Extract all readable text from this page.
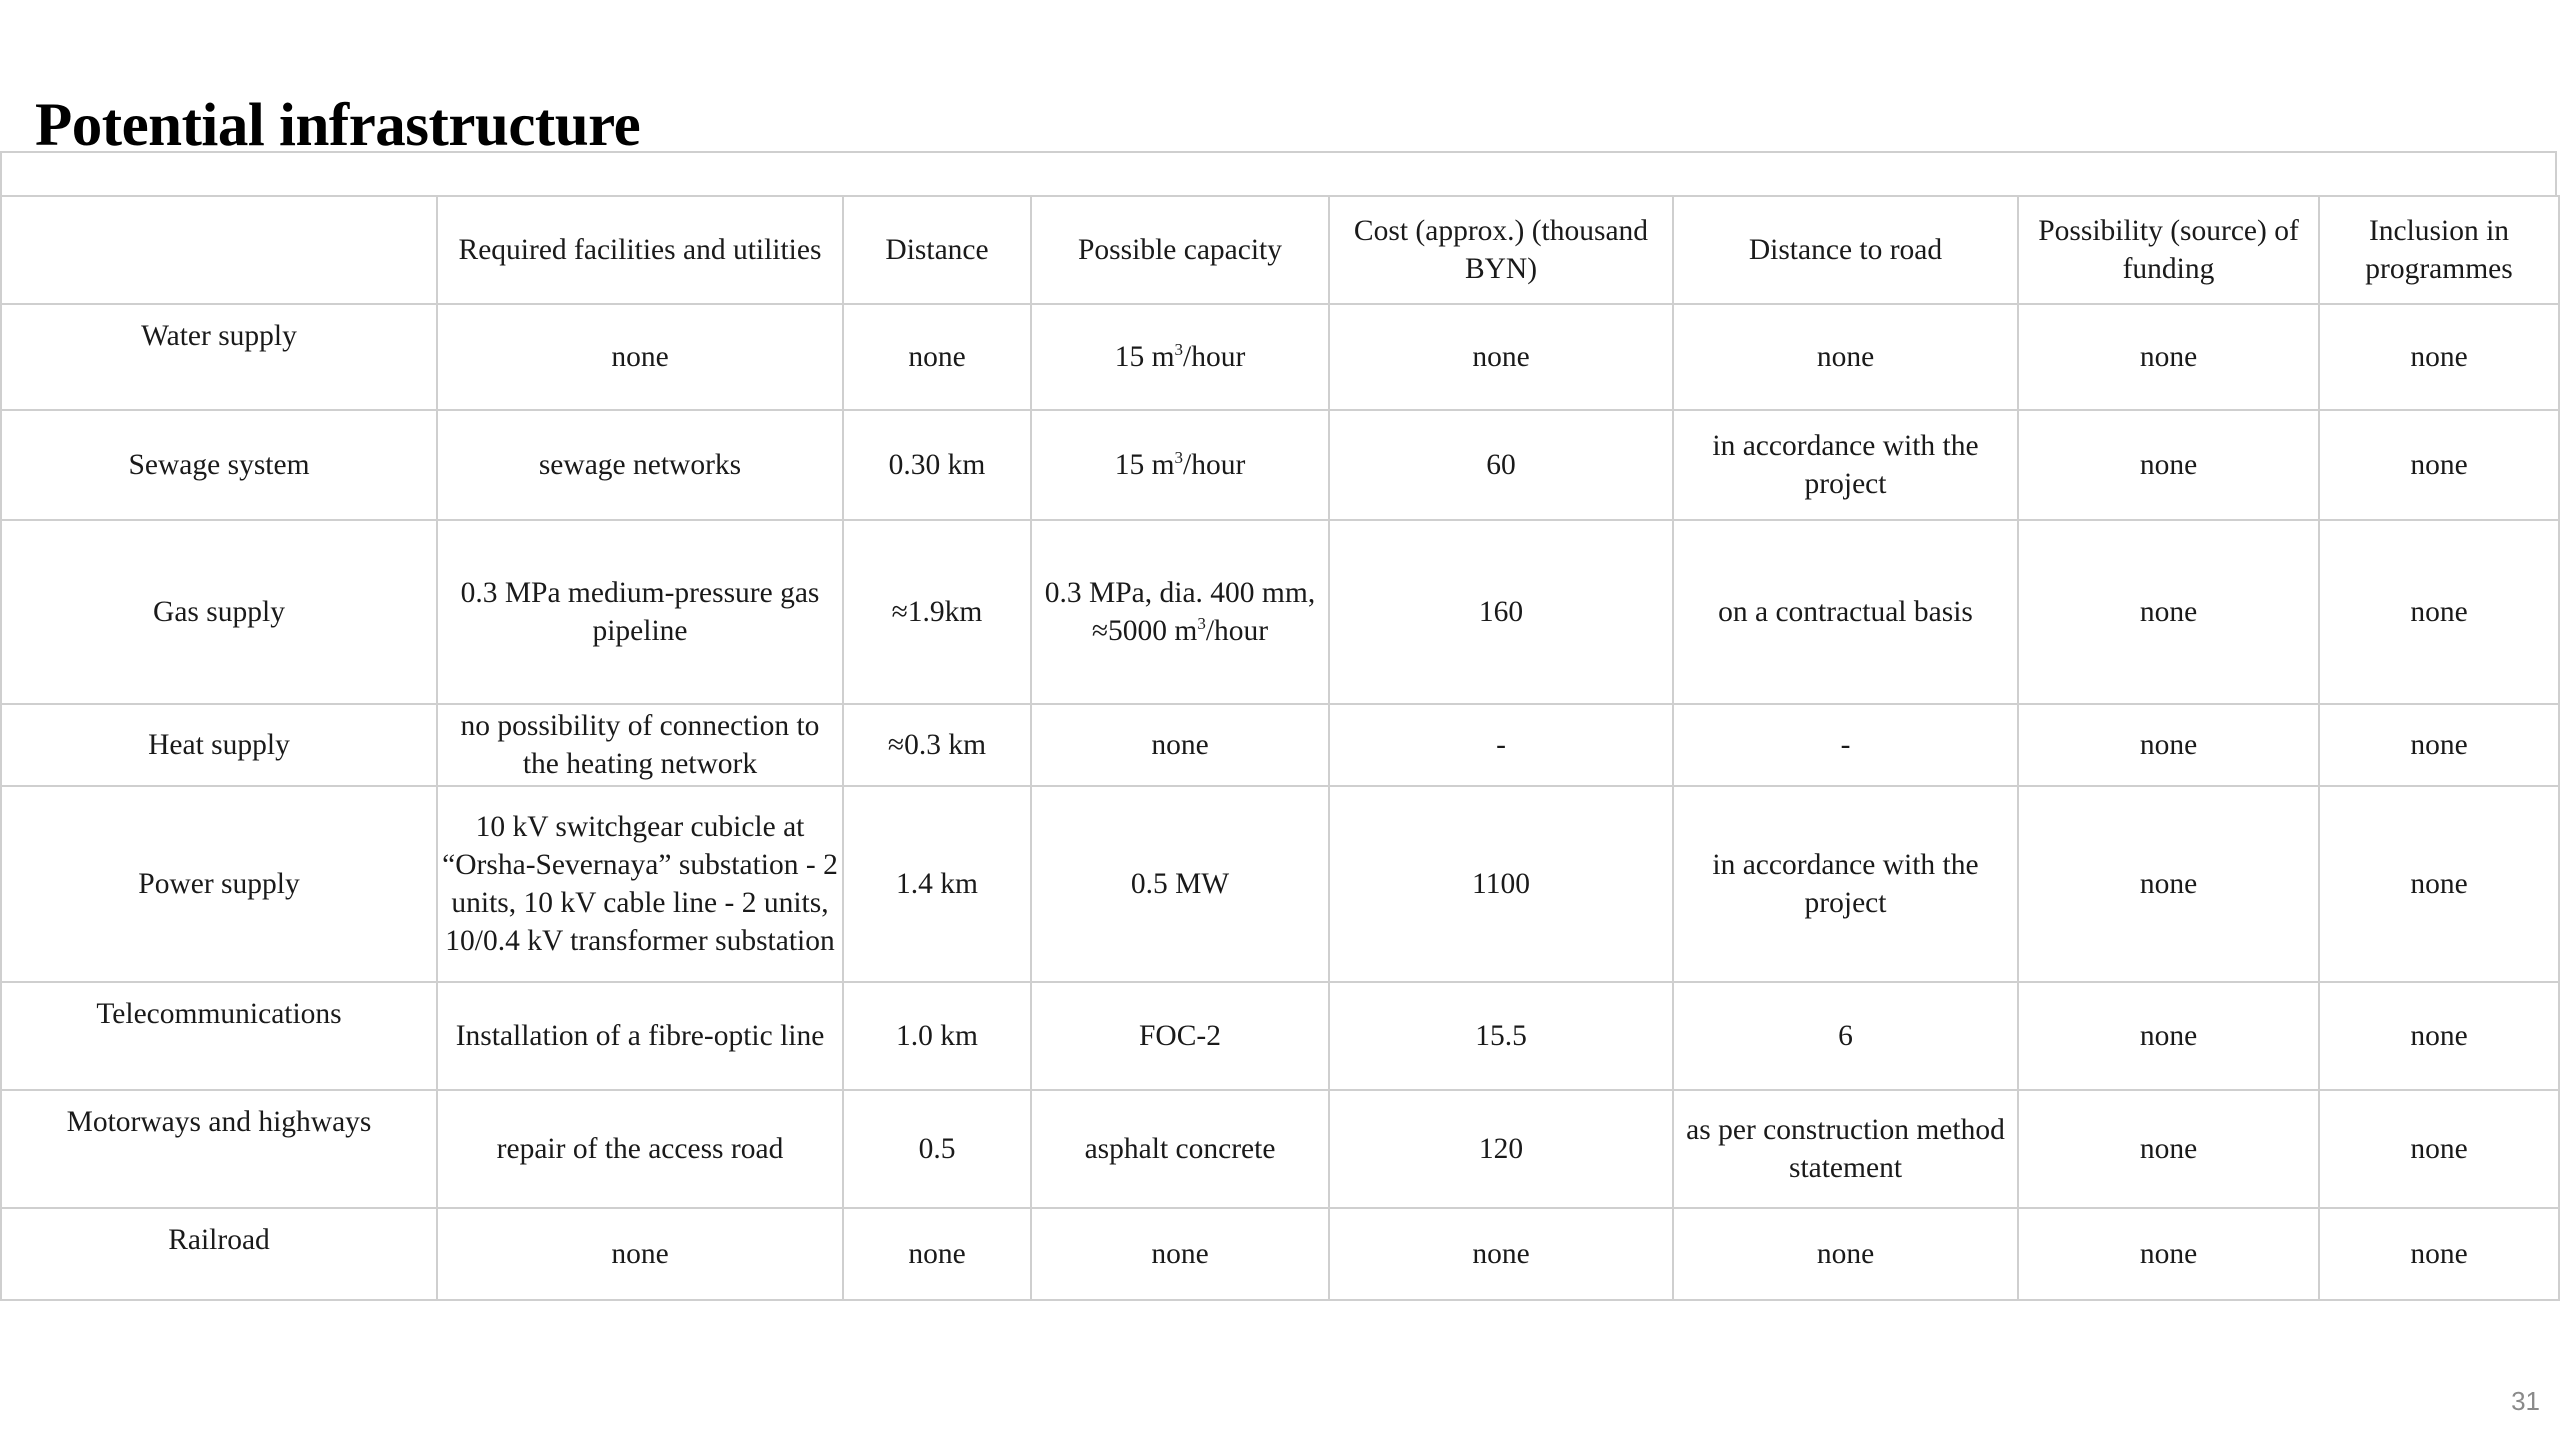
Potential infrastructure
	Required facilities and utilities	Distance	Possible capacity	Cost (approx.) (thousand BYN)	Distance to road	Possibility (source) of funding	Inclusion in programmes
Water supply	none	none	15 $m^3$/hour	none	none	none	none
Sewage system	sewage networks	0.30 km	15 $m^3$/hour	60	in accordance with the project	none	none
Gas supply	0.3 MPa medium-pressure gas pipeline	≈1.9km	0.3 MPa, dia. 400 mm, ≈5000 $m^3$/hour	160	on a contractual basis	none	none
Heat supply	no possibility of connection to the heating network	≈0.3 km	none	-	-	none	none
Power supply	10 kV switchgear cubicle at “Orsha-Severnaya” substation - 2 units, 10 kV cable line - 2 units, 10/0.4 kV transformer substation	1.4 km	0.5 MW	1100	in accordance with the project	none	none
Telecommunications	Installation of a fibre-optic line	1.0 km	FOC-2	15.5	6	none	none
Motorways and highways	repair of the access road	0.5	asphalt concrete	120	as per construction method statement	none	none
Railroad	none	none	none	none	none	none	none
31
